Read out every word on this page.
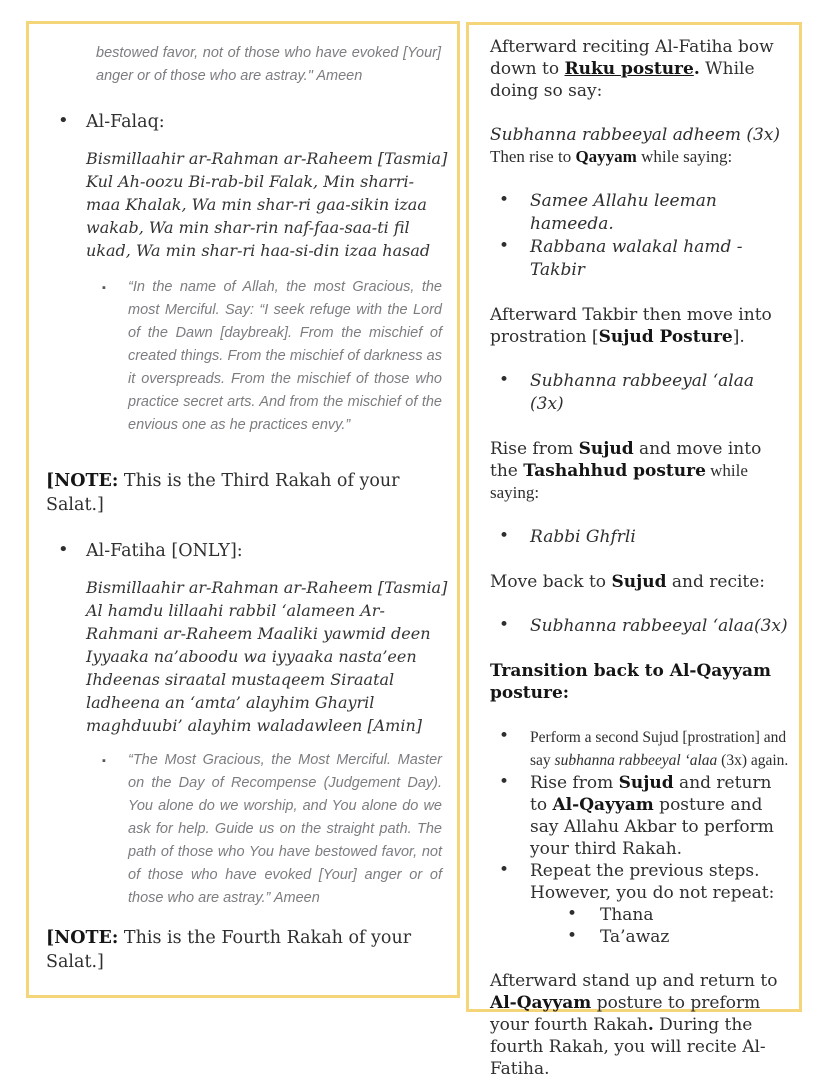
bestowed favor, not of those who have evoked [Your] anger or of those who are astray." Ameen
• Al-Falaq:

Bismillaahir ar-Rahman ar-Raheem [Tasmia] Kul Ah-oozu Bi-rab-bil Falak, Min sharri-maa Khalak, Wa min shar-ri gaa-sikin izaa wakab, Wa min shar-rin naf-faa-saa-ti fil ukad, Wa min shar-ri haa-si-din izaa hasad

▪ “In the name of Allah, the most Gracious, the most Merciful. Say: “I seek refuge with the Lord of the Dawn [daybreak]. From the mischief of created things. From the mischief of darkness as it overspreads. From the mischief of those who practice secret arts. And from the mischief of the envious one as he practices envy.”

[NOTE: This is the Third Rakah of your Salat.]

• Al-Fatiha [ONLY]:

Bismillaahir ar-Rahman ar-Raheem [Tasmia] Al hamdu lillaahi rabbil ‘alameen Ar-Rahmani ar-Raheem Maaliki yawmid deen Iyyaaka na’aboodu wa iyyaaka nasta’een Ihdeenas siraatal mustaqeem Siraatal ladheena an ‘amta’ alayhim Ghayril maghduubi’ alayhim waladawleen [Amin]

▪ “The Most Gracious, the Most Merciful. Master on the Day of Recompense (Judgement Day). You alone do we worship, and You alone do we ask for help. Guide us on the straight path. The path of those who You have bestowed favor, not of those who have evoked [Your] anger or of those who are astray.” Ameen

[NOTE: This is the Fourth Rakah of your Salat.]

Afterward reciting Al-Fatiha bow down to Ruku posture. While doing so say:

Subhanna rabbeeyal adheem (3x)

Then rise to Qayyam while saying:

• Samee Allahu leeman hameeda.
• Rabbana walakal hamd -Takbir

Afterward Takbir then move into prostration [Sujud Posture].

• Subhanna rabbeeyal ‘alaa (3x)

Rise from Sujud and move into the Tashahhud posture while saying:

• Rabbi Ghfrli

Move back to Sujud and recite:

• Subhanna rabbeeyal ‘alaa(3x)

Transition back to Al-Qayyam posture:

• Perform a second Sujud [prostration] and say subhanna rabbeeyal ‘alaa (3x) again.
• Rise from Sujud and return to Al-Qayyam posture and say Allahu Akbar to perform your third Rakah.
• Repeat the previous steps. However, you do not repeat:
• Thana
• Ta’awaz

Afterward stand up and return to Al-Qayyam posture to preform your fourth Rakah. During the fourth Rakah, you will recite Al-Fatiha.
